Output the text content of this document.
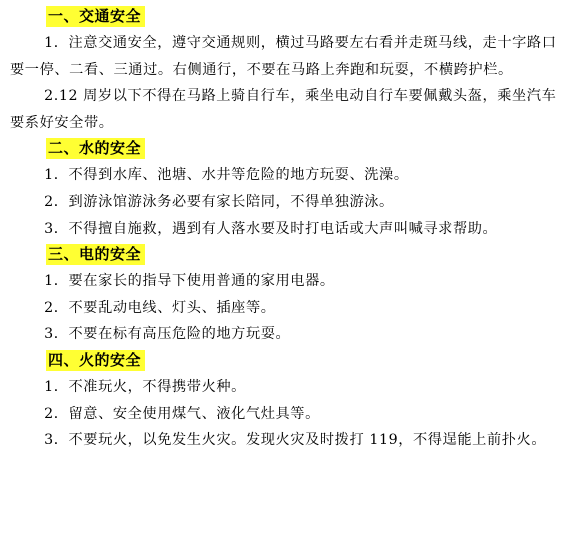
一、交通安全

1．注意交通安全，遵守交通规则，横过马路要左右看并走斑马线，走十字路口要一停、二看、三通过。右侧通行，不要在马路上奔跑和玩耍，不横跨护栏。

2.12 周岁以下不得在马路上骑自行车，乘坐电动自行车要佩戴头盔，乘坐汽车要系好安全带。

二、水的安全

1．不得到水库、池塘、水井等危险的地方玩耍、洗澡。

2．到游泳馆游泳务必要有家长陪同，不得单独游泳。

3．不得擅自施救，遇到有人落水要及时打电话或大声叫喊寻求帮助。

三、电的安全

1．要在家长的指导下使用普通的家用电器。

2．不要乱动电线、灯头、插座等。

3．不要在标有高压危险的地方玩耍。

四、火的安全

1．不准玩火，不得携带火种。

2．留意、安全使用煤气、液化气灶具等。

3．不要玩火，以免发生火灾。发现火灾及时拨打 119，不得逞能上前扑火。
